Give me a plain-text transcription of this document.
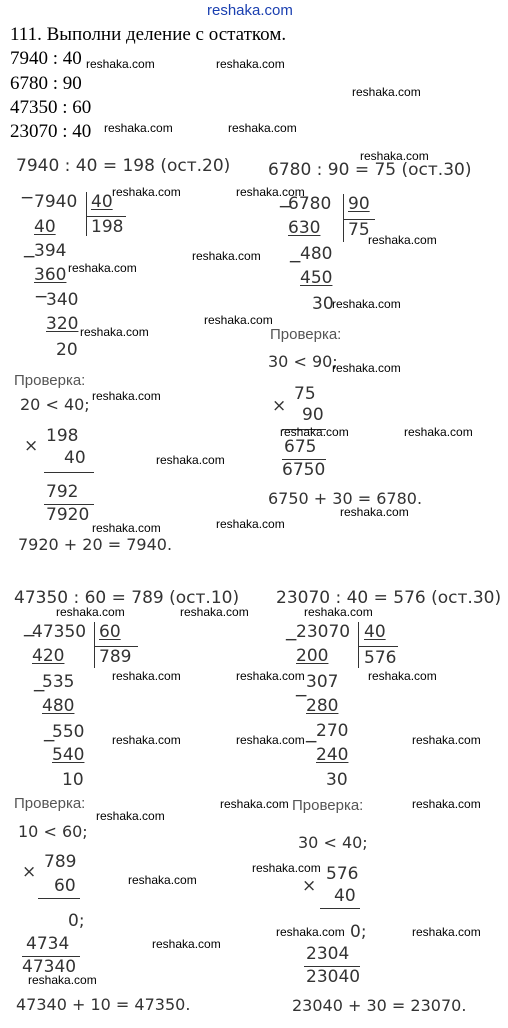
reshaka.com
111. Выполни деление с остатком.
7940 : 40
6780 : 90
47350 : 60
23070 : 40
7940 : 40 = 198 (ост.20)
− 7940 40
198
40
−
394
360
−
340
320
20
Проверка:
20 < 40;
198
×
40
792
7920
7920 + 20 = 7940.
6780 : 90 = 75 (ост.30)
−
6780 90
75
630
−
480
450
30
Проверка:
30 < 90;
75
× 90
675
6750
6750 + 30 = 6780.
47350 : 60 = 789 (ост.10)
−
47350 60
789
420
−
535
480
−
550
540
10
Проверка:
10 < 60;
789
×
60
0;
4734
47340
47340 + 10 = 47350.
23070 : 40 = 576 (ост.30)
−
23070 40
576
200
−
307
280
−
270
240
30
Проверка:
30 < 40;
576
× 40
0;
2304
23040
23040 + 30 = 23070.
reshaka.com	reshaka.com
reshaka.com
reshaka.com	reshaka.com
reshaka.com
reshaka.com	reshaka.com
reshaka.com
reshaka.com
reshaka.com
reshaka.com
reshaka.com
reshaka.com
reshaka.com
reshaka.com
reshaka.com	reshaka.com
reshaka.com
reshaka.com
reshaka.com	reshaka.com
reshaka.com	reshaka.com	reshaka.com
reshaka.com	reshaka.com	reshaka.com
reshaka.com	reshaka.com	reshaka.com
reshaka.com	reshaka.com
reshaka.com
reshaka.com
reshaka.com
reshaka.com	reshaka.com
reshaka.com
reshaka.com
